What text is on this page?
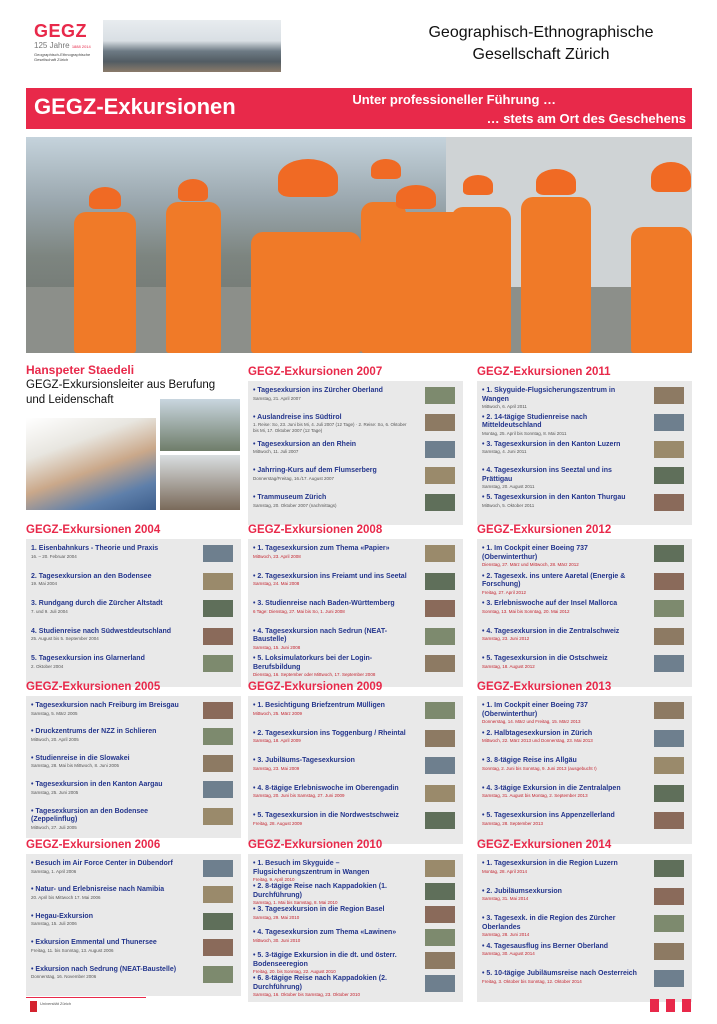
GEGZ
125 Jahre 1888 2014
Geographisch-Ethnographische Gesellschaft Zürich
Geographisch-Ethnographische
Gesellschaft Zürich
GEGZ-Exkursionen	Unter professioneller Führung …
… stets am Ort des Geschehens
Hanspeter Staedeli
GEGZ-Exkursionsleiter aus Berufung
und Leidenschaft
GEGZ-Exkursionen 2007
• Tagesexkursion ins Zürcher Oberland
Samstag, 21. April 2007
• Auslandreise ins Südtirol
1. Reise: So, 23. Juni bis Mi, 4. Juli 2007 (12 Tage) · 2. Reise: So, 6. Oktober bis Mi, 17. Oktober 2007 (12 Tage)
• Tagesexkursion an den Rhein
Mittwoch, 11. Juli 2007
• Jahrring-Kurs auf dem Flumserberg
Donnerstag/Freitag, 16./17. August 2007
• Trammuseum Zürich
Samstag, 20. Oktober 2007 (nachmittags)
GEGZ-Exkursionen 2011
• 1. Skyguide-Flugsicherungszentrum in Wangen
Mittwoch, 6. April 2011
• 2. 14-tägige Studienreise nach Mitteldeutschland
Montag, 25. April bis Sonntag, 8. Mai 2011
• 3. Tagesexkursion in den Kanton Luzern
Samstag, 4. Juni 2011
• 4. Tagesexkursion ins Seeztal und ins Prättigau
Samstag, 20. August 2011
• 5. Tagesexkursion in den Kanton Thurgau
Mittwoch, 5. Oktober 2011
GEGZ-Exkursionen 2004
1. Eisenbahnkurs - Theorie und Praxis
16. – 20. Februar 2004
2. Tagesexkursion an den Bodensee
19. Mai 2004
3. Rundgang durch die Zürcher Altstadt
7. und 9. Juli 2004
4. Studienreise nach Südwestdeutschland
25. August bis 5. September 2004
5. Tagesexkursion ins Glarnerland
2. Oktober 2004
GEGZ-Exkursionen 2008
• 1. Tagesexkursion zum Thema «Papier»
Mittwoch, 23. April 2008
• 2. Tagesexkursion ins Freiamt und ins Seetal
Samstag, 24. Mai 2008
• 3. Studienreise nach Baden-Württemberg
6 Tage: Dienstag, 27. Mai bis So, 1. Juni 2008
• 4. Tagesexkursion nach Sedrun (NEAT-Baustelle)
Samstag, 15. Juni 2008
• 5. Loksimulatorkurs bei der Login-Berufsbildung
Dienstag, 16. September oder Mittwoch, 17. September 2008
GEGZ-Exkursionen 2012
• 1. Im Cockpit einer Boeing 737 (Oberwinterthur)
Dienstag, 27. März und Mittwoch, 28. März 2012
• 2. Tagesexk. ins untere Aaretal (Energie & Forschung)
Freitag, 27. April 2012
• 3. Erlebniswoche auf der Insel Mallorca
Sonntag, 13. Mai bis Sonntag, 20. Mai 2012
• 4. Tagesexkursion in die Zentralschweiz
Samstag, 23. Juni 2012
• 5. Tagesexkursion in die Ostschweiz
Samstag, 18. August 2012
GEGZ-Exkursionen 2005
• Tagesexkursion nach Freiburg im Breisgau
Samstag, 5. März 2005
• Druckzentrums der NZZ in Schlieren
Mittwoch, 20. April 2005
• Studienreise in die Slowakei
Samstag, 28. Mai bis Mittwoch, 8. Juni 2005
• Tagesexkursion in den Kanton Aargau
Samstag, 25. Juni 2005
• Tagesexkursion an den Bodensee (Zeppelinflug)
Mittwoch, 27. Juli 2005
GEGZ-Exkursionen 2009
• 1. Besichtigung Briefzentrum Mülligen
Mittwoch, 25. März 2009
• 2. Tagesexkursion ins Toggenburg / Rheintal
Samstag, 18. April 2009
• 3. Jubiläums-Tagesexkursion
Samstag, 23. Mai 2009
• 4. 8-tägige Erlebniswoche im Oberengadin
Samstag, 20. Juni bis Samstag, 27. Juni 2009
• 5. Tagesexkursion in die Nordwestschweiz
Freitag, 28. August 2009
GEGZ-Exkursionen 2013
• 1. Im Cockpit einer Boeing 737 (Oberwinterthur)
Donnerstag, 14. März und Freitag, 15. März 2013
• 2. Halbtagesexkursion in Zürich
Mittwoch, 22. März 2013 und Donnerstag, 23. Mai 2013
• 3. 8-tägige Reise ins Allgäu
Sonntag, 2. Juni bis Sonntag, 9. Juni 2013 (ausgebucht !)
• 4. 3-tägige Exkursion in die Zentralalpen
Samstag, 31. August bis Montag, 2. September 2013
• 5. Tagesexkursion ins Appenzellerland
Samstag, 28. September 2013
GEGZ-Exkursionen 2006
• Besuch im Air Force Center in Dübendorf
Samstag, 1. April 2006
• Natur- und Erlebnisreise nach Namibia
20. April bis Mittwoch 17. Mai 2006
• Hegau-Exkursion
Samstag, 15. Juli 2006
• Exkursion Emmental und Thunersee
Freitag, 11. bis Sonntag, 13. August 2006
• Exkursion nach Sedrung (NEAT-Baustelle)
Donnerstag, 16. November 2006
GEGZ-Exkursionen 2010
• 1. Besuch im Skyguide – Flugsicherungszentrum in Wangen
Freitag, 9. April 2010
• 2. 8-tägige Reise nach Kappadokien (1. Durchführung)
Samstag, 1. Mai bis Samstag, 8. Mai 2010
• 3. Tagesexkursion in die Region Basel
Samstag, 29. Mai 2010
• 4. Tagesexkursion zum Thema «Lawinen»
Mittwoch, 30. Juni 2010
• 5. 3-tägige Exkursion in die dt. und österr. Bodenseeregion
Freitag, 20. bis Sonntag, 22. August 2010
• 6. 8-tägige Reise nach Kappadokien (2. Durchführung)
Samstag, 16. Oktober bis Samstag, 23. Oktober 2010
GEGZ-Exkursionen 2014
• 1. Tagesexkursion in die Region Luzern
Montag, 28. April 2014
• 2. Jubiläumsexkursion
Samstag, 31. Mai 2014
• 3. Tagesexk. in die Region des Zürcher Oberlandes
Samstag, 28. Juni 2014
• 4. Tagesausflug ins Berner Oberland
Samstag, 30. August 2014
• 5. 10-tägige Jubiläumsreise nach Oesterreich
Freitag, 3. Oktober bis Sonntag, 12. Oktober 2014
Universität Zürich
